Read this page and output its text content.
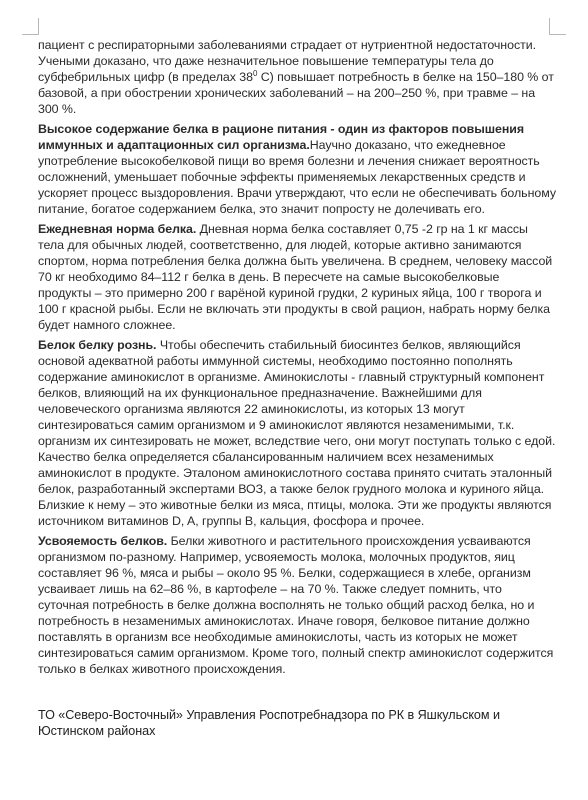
пациент с респираторными заболеваниями страдает от нутриентной недостаточности. Учеными доказано, что даже незначительное повышение температуры тела до субфебрильных цифр (в пределах $38^0$ С) повышает потребность в белке на 150–180 % от базовой, а при обострении хронических заболеваний – на 200–250 %, при травме – на 300 %.

Высокое содержание белка в рационе питания - один из факторов повышения иммунных и адаптационных сил организма.Научно доказано, что ежедневное употребление высокобелковой пищи во время болезни и лечения снижает вероятность осложнений, уменьшает побочные эффекты применяемых лекарственных средств и ускоряет процесс выздоровления. Врачи утверждают, что если не обеспечивать больному питание, богатое содержанием белка, это значит попросту не долечивать его.

Ежедневная норма белка. Дневная норма белка составляет 0,75 -2 гр на 1 кг массы тела для обычных людей, соответственно, для людей, которые активно занимаются спортом, норма потребления белка должна быть увеличена. В среднем, человеку массой 70 кг необходимо 84–112 г белка в день. В пересчете на самые высокобелковые продукты – это примерно 200 г варёной куриной грудки, 2 куриных яйца, 100 г творога и 100 г красной рыбы. Если не включать эти продукты в свой рацион, набрать норму белка будет намного сложнее.

Белок белку рознь. Чтобы обеспечить стабильный биосинтез белков, являющийся основой адекватной работы иммунной системы, необходимо постоянно пополнять содержание аминокислот в организме. Аминокислоты - главный структурный компонент белков, влияющий на их функциональное предназначение. Важнейшими для человеческого организма являются 22 аминокислоты, из которых 13 могут синтезироваться самим организмом и 9 аминокислот являются незаменимыми, т.к. организм их синтезировать не может, вследствие чего, они могут поступать только с едой. Качество белка определяется сбалансированным наличием всех незаменимых аминокислот в продукте. Эталоном аминокислотного состава принято считать эталонный белок, разработанный экспертами ВОЗ, а также белок грудного молока и куриного яйца. Близкие к нему – это животные белки из мяса, птицы, молока. Эти же продукты являются источником витаминов D, A, группы B, кальция, фосфора и прочее.

Усвояемость белков. Белки животного и растительного происхождения усваиваются организмом по-разному. Например, усвояемость молока, молочных продуктов, яиц составляет 96 %, мяса и рыбы – около 95 %. Белки, содержащиеся в хлебе, организм усваивает лишь на 62–86 %, в картофеле – на 70 %. Также следует помнить, что суточная потребность в белке должна восполнять не только общий расход белка, но и потребность в незаменимых аминокислотах. Иначе говоря, белковое питание должно поставлять в организм все необходимые аминокислоты, часть из которых не может синтезироваться самим организмом. Кроме того, полный спектр аминокислот содержится только в белках животного происхождения.

ТО «Северо-Восточный» Управления Роспотребнадзора по РК в Яшкульском и Юстинском районах
